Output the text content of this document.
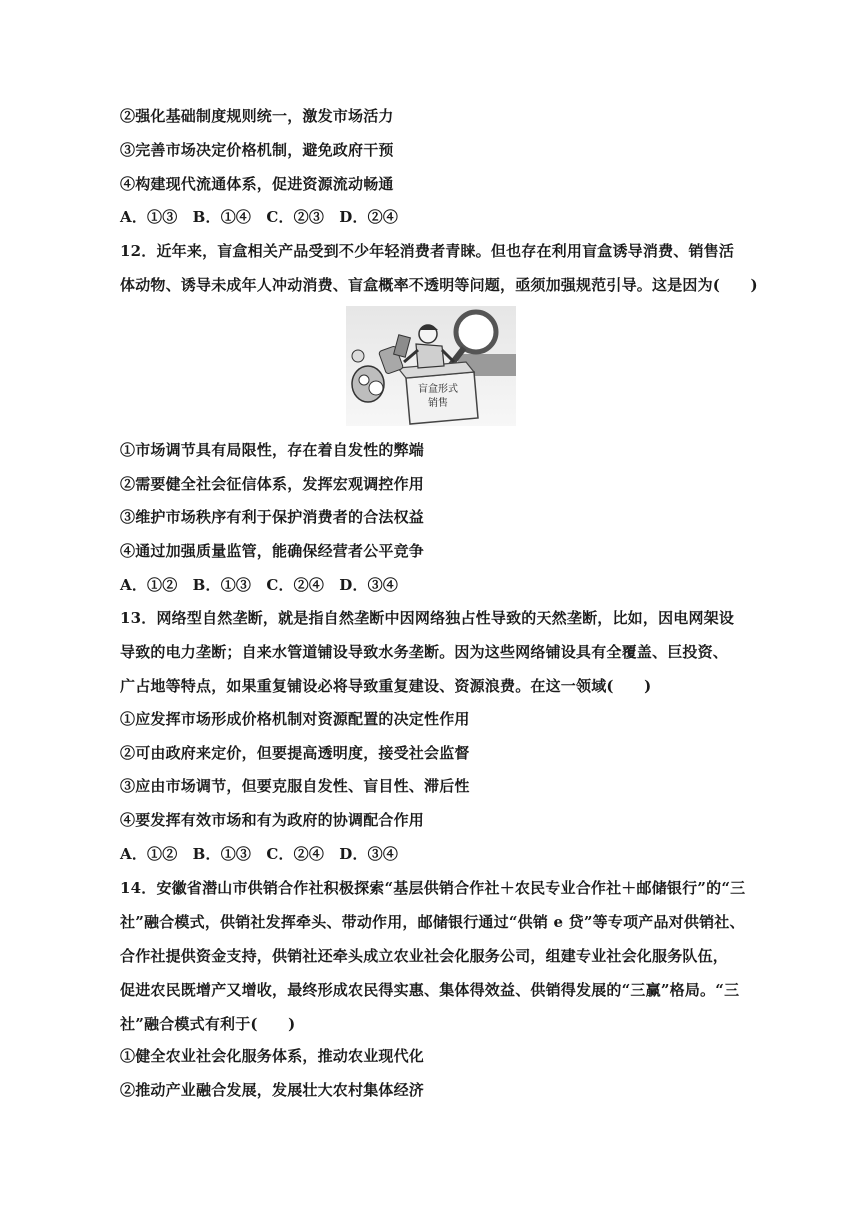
②强化基础制度规则统一，激发市场活力
③完善市场决定价格机制，避免政府干预
④构建现代流通体系，促进资源流动畅通
A．①③　B．①④　C．②③　D．②④
12．近年来，盲盒相关产品受到不少年轻消费者青睐。但也存在利用盲盒诱导消费、销售活
体动物、诱导未成年人冲动消费、盲盒概率不透明等问题，亟须加强规范引导。这是因为(　　)
盲盒形式
销售
①市场调节具有局限性，存在着自发性的弊端
②需要健全社会征信体系，发挥宏观调控作用
③维护市场秩序有利于保护消费者的合法权益
④通过加强质量监管，能确保经营者公平竞争
A．①②　B．①③　C．②④　D．③④
13．网络型自然垄断，就是指自然垄断中因网络独占性导致的天然垄断，比如，因电网架设
导致的电力垄断；自来水管道铺设导致水务垄断。因为这些网络铺设具有全覆盖、巨投资、
广占地等特点，如果重复铺设必将导致重复建设、资源浪费。在这一领域(　　)
①应发挥市场形成价格机制对资源配置的决定性作用
②可由政府来定价，但要提高透明度，接受社会监督
③应由市场调节，但要克服自发性、盲目性、滞后性
④要发挥有效市场和有为政府的协调配合作用
A．①②　B．①③　C．②④　D．③④
14．安徽省潜山市供销合作社积极探索“基层供销合作社＋农民专业合作社＋邮储银行”的“三
社”融合模式，供销社发挥牵头、带动作用，邮储银行通过“供销 e 贷”等专项产品对供销社、
合作社提供资金支持，供销社还牵头成立农业社会化服务公司，组建专业社会化服务队伍，
促进农民既增产又增收，最终形成农民得实惠、集体得效益、供销得发展的“三赢”格局。“三
社”融合模式有利于(　　)
①健全农业社会化服务体系，推动农业现代化
②推动产业融合发展，发展壮大农村集体经济
